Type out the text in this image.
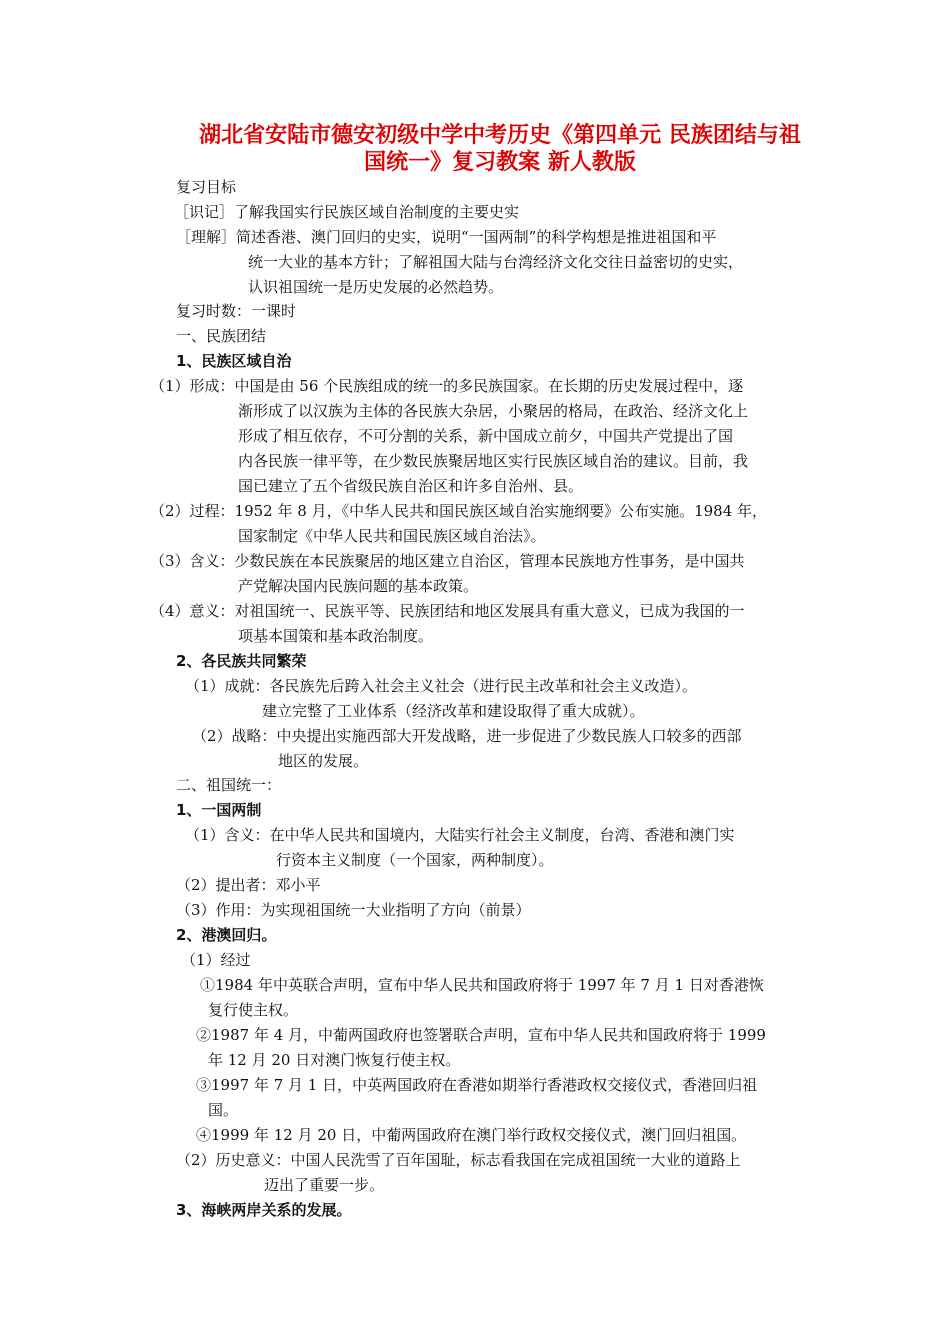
湖北省安陆市德安初级中学中考历史《第四单元 民族团结与祖
国统一》复习教案 新人教版
复习目标
［识记］了解我国实行民族区域自治制度的主要史实
［理解］简述香港、澳门回归的史实，说明“一国两制”的科学构想是推进祖国和平
统一大业的基本方针；了解祖国大陆与台湾经济文化交往日益密切的史实，
认识祖国统一是历史发展的必然趋势。
复习时数：一课时
一、民族团结
1、民族区域自治
（1）形成：中国是由 56 个民族组成的统一的多民族国家。在长期的历史发展过程中，逐
渐形成了以汉族为主体的各民族大杂居，小聚居的格局，在政治、经济文化上
形成了相互依存，不可分割的关系，新中国成立前夕，中国共产党提出了国
内各民族一律平等，在少数民族聚居地区实行民族区域自治的建议。目前，我
国已建立了五个省级民族自治区和许多自治州、县。
（2）过程：1952 年 8 月，《中华人民共和国民族区域自治实施纲要》公布实施。1984 年，
国家制定《中华人民共和国民族区域自治法》。
（3）含义：少数民族在本民族聚居的地区建立自治区，管理本民族地方性事务，是中国共
产党解决国内民族问题的基本政策。
（4）意义：对祖国统一、民族平等、民族团结和地区发展具有重大意义，已成为我国的一
项基本国策和基本政治制度。
2、各民族共同繁荣
（1）成就：各民族先后跨入社会主义社会（进行民主改革和社会主义改造）。
建立完整了工业体系（经济改革和建设取得了重大成就）。
（2）战略：中央提出实施西部大开发战略，进一步促进了少数民族人口较多的西部
地区的发展。
二、祖国统一：
1、一国两制
（1）含义：在中华人民共和国境内，大陆实行社会主义制度，台湾、香港和澳门实
行资本主义制度（一个国家，两种制度）。
（2）提出者：邓小平
（3）作用：为实现祖国统一大业指明了方向（前景）
2、港澳回归。
（1）经过
①1984 年中英联合声明，宣布中华人民共和国政府将于 1997 年 7 月 1 日对香港恢
复行使主权。
②1987 年 4 月，中葡两国政府也签署联合声明，宣布中华人民共和国政府将于 1999
年 12 月 20 日对澳门恢复行使主权。
③1997 年 7 月 1 日，中英两国政府在香港如期举行香港政权交接仪式，香港回归祖
国。
④1999 年 12 月 20 日，中葡两国政府在澳门举行政权交接仪式，澳门回归祖国。
（2）历史意义：中国人民洗雪了百年国耻，标志看我国在完成祖国统一大业的道路上
迈出了重要一步。
3、海峡两岸关系的发展。
